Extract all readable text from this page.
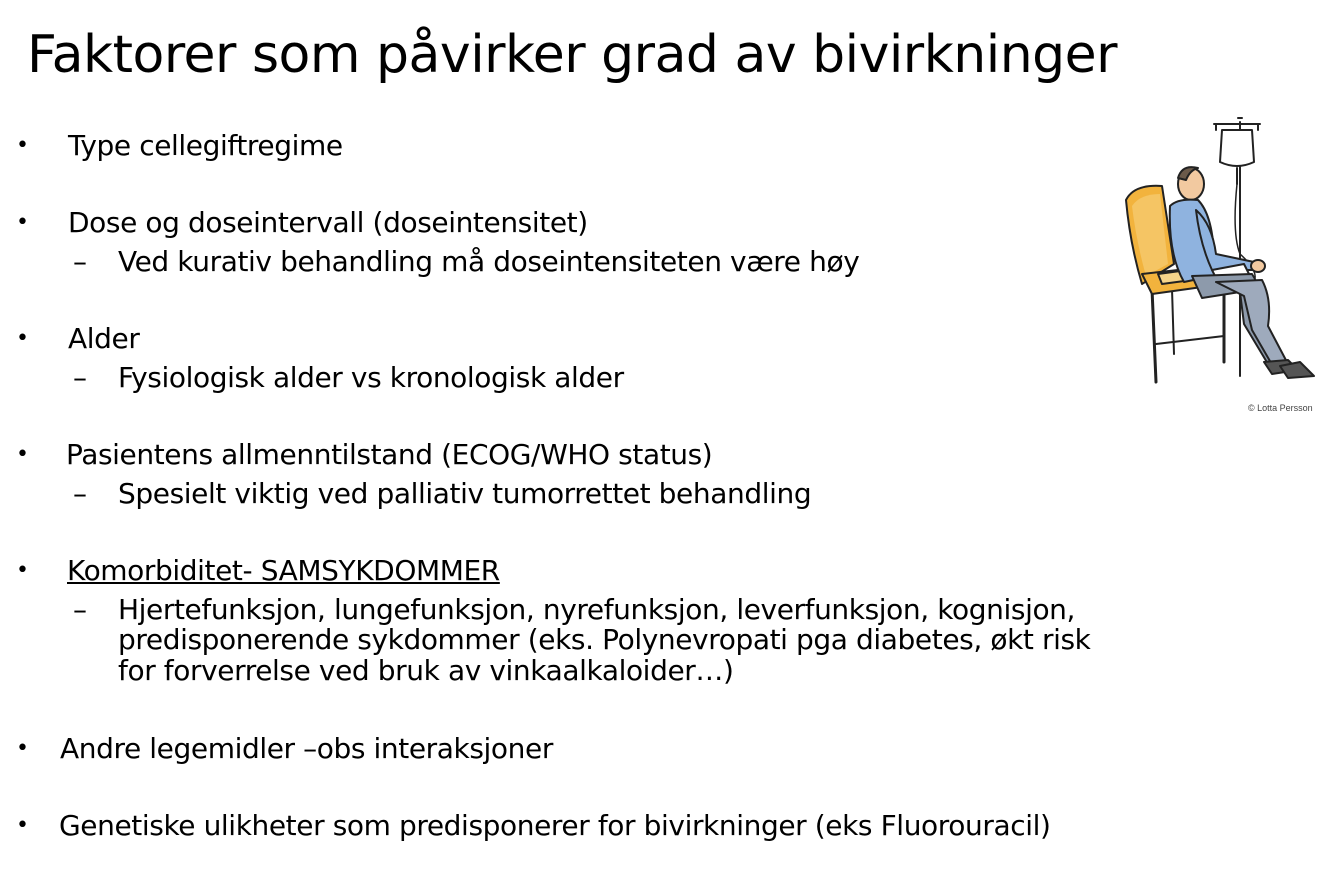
Faktorer som påvirker grad av bivirkninger
• Type cellegiftregime
• Dose og doseintervall (doseintensitet)
– Ved kurativ behandling må doseintensiteten være høy
• Alder
– Fysiologisk alder vs kronologisk alder
• Pasientens allmenntilstand (ECOG/WHO status)
– Spesielt viktig ved palliativ tumorrettet behandling
• Komorbiditet- SAMSYKDOMMER
– Hjertefunksjon, lungefunksjon, nyrefunksjon, leverfunksjon, kognisjon,
predisponerende sykdommer (eks. Polynevropati pga diabetes, økt risk
for forverrelse ved bruk av vinkaalkaloider…)
• Andre legemidler –obs interaksjoner
• Genetiske ulikheter som predisponerer for bivirkninger (eks Fluorouracil)
© Lotta Persson
